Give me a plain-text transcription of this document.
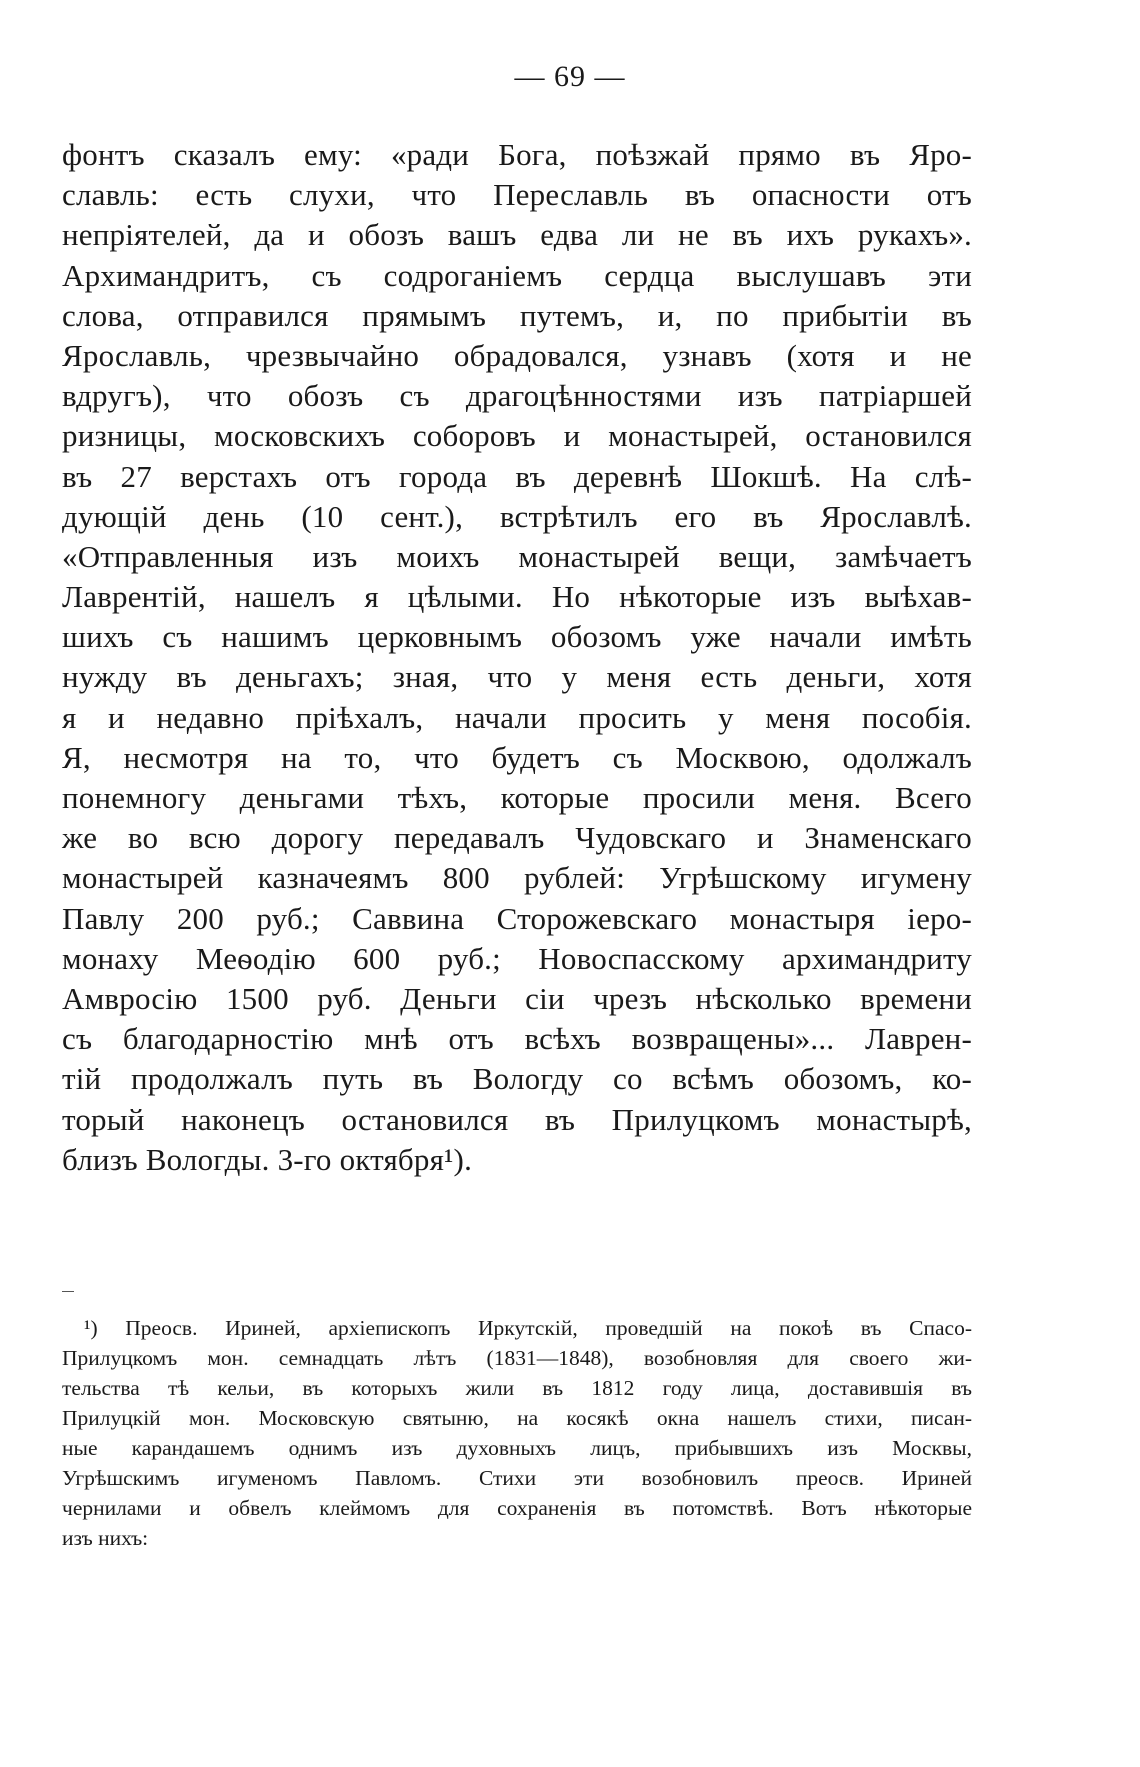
— 69 —
фонтъ сказалъ ему: «ради Бога, поѣзжай прямо въ Яро-
славль: есть слухи, что Переславль въ опасности отъ
непріятелей, да и обозъ вашъ едва ли не въ ихъ рукахъ».
Архимандритъ, съ содроганіемъ сердца выслушавъ эти
слова, отправился прямымъ путемъ, и, по прибытіи въ
Ярославль, чрезвычайно обрадовался, узнавъ (хотя и не
вдругъ), что обозъ съ драгоцѣнностями изъ патріаршей
ризницы, московскихъ соборовъ и монастырей, остановился
въ 27 верстахъ отъ города въ деревнѣ Шокшѣ. На слѣ-
дующій день (10 сент.), встрѣтилъ его въ Ярославлѣ.
«Отправленныя изъ моихъ монастырей вещи, замѣчаетъ
Лаврентій, нашелъ я цѣлыми. Но нѣкоторые изъ выѣхав-
шихъ съ нашимъ церковнымъ обозомъ уже начали имѣть
нужду въ деньгахъ; зная, что у меня есть деньги, хотя
я и недавно пріѣхалъ, начали просить у меня пособія.
Я, несмотря на то, что будетъ съ Москвою, одолжалъ
понемногу деньгами тѣхъ, которые просили меня. Всего
же во всю дорогу передавалъ Чудовскаго и Знаменскаго
монастырей казначеямъ 800 рублей: Угрѣшскому игумену
Павлу 200 руб.; Саввина Сторожевскаго монастыря іеро-
монаху Меѳодію 600 руб.; Новоспасскому архимандриту
Амвросію 1500 руб. Деньги сіи чрезъ нѣсколько времени
съ благодарностію мнѣ отъ всѣхъ возвращены»... Лаврен-
тій продолжалъ путь въ Вологду со всѣмъ обозомъ, ко-
торый наконецъ остановился въ Прилуцкомъ монастырѣ,
близъ Вологды. 3-го октября¹).
¹) Преосв. Ириней, архіепископъ Иркутскій, проведшій на покоѣ въ Спасо-
Прилуцкомъ мон. семнадцать лѣтъ (1831—1848), возобновляя для своего жи-
тельства тѣ кельи, въ которыхъ жили въ 1812 году лица, доставившія въ
Прилуцкій мон. Московскую святыню, на косякѣ окна нашелъ стихи, писан-
ные карандашемъ однимъ изъ духовныхъ лицъ, прибывшихъ изъ Москвы,
Угрѣшскимъ игуменомъ Павломъ. Стихи эти возобновилъ преосв. Ириней
чернилами и обвелъ клеймомъ для сохраненія въ потомствѣ. Вотъ нѣкоторые
изъ нихъ:
